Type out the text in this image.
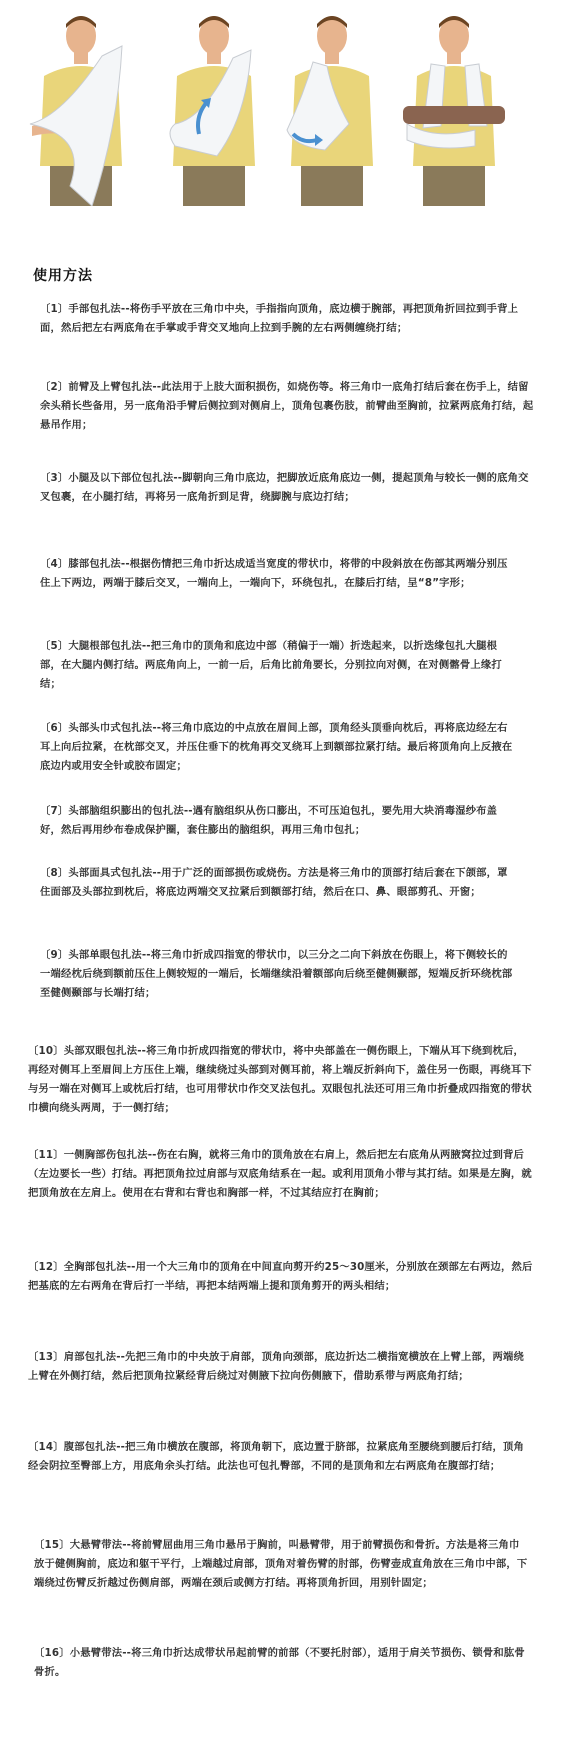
使用方法
〔1〕手部包扎法--将伤手平放在三角巾中央，手指指向顶角，底边横于腕部，再把顶角折回拉到手背上面，然后把左右两底角在手掌或手背交叉地向上拉到手腕的左右两侧缠绕打结；
〔2〕前臂及上臂包扎法--此法用于上肢大面积损伤，如烧伤等。将三角巾一底角打结后套在伤手上，结留余头稍长些备用，另一底角沿手臂后侧拉到对侧肩上，顶角包裹伤肢，前臂曲至胸前，拉紧两底角打结，起悬吊作用；
〔3〕小腿及以下部位包扎法--脚朝向三角巾底边，把脚放近底角底边一侧，提起顶角与较长一侧的底角交叉包裹，在小腿打结，再将另一底角折到足背，绕脚腕与底边打结；
〔4〕膝部包扎法--根据伤情把三角巾折达成适当宽度的带状巾，将带的中段斜放在伤部其两端分别压住上下两边，两端于膝后交叉，一端向上，一端向下，环绕包扎，在膝后打结，呈“8”字形；
〔5〕大腿根部包扎法--把三角巾的顶角和底边中部（稍偏于一端）折迭起来，以折迭缘包扎大腿根部，在大腿内侧打结。两底角向上，一前一后，后角比前角要长，分别拉向对侧，在对侧髂骨上缘打结；
〔6〕头部头巾式包扎法--将三角巾底边的中点放在眉间上部，顶角经头顶垂向枕后，再将底边经左右耳上向后拉紧，在枕部交叉，并压住垂下的枕角再交叉绕耳上到额部拉紧打结。最后将顶角向上反掖在底边内或用安全针或胶布固定；
〔7〕头部脑组织膨出的包扎法--遇有脑组织从伤口膨出，不可压迫包扎，要先用大块消毒湿纱布盖好，然后再用纱布卷成保护圈，套住膨出的脑组织，再用三角巾包扎；
〔8〕头部面具式包扎法--用于广泛的面部损伤或烧伤。方法是将三角巾的顶部打结后套在下颌部，罩住面部及头部拉到枕后，将底边两端交叉拉紧后到额部打结，然后在口、鼻、眼部剪孔、开窗；
〔9〕头部单眼包扎法--将三角巾折成四指宽的带状巾，以三分之二向下斜放在伤眼上，将下侧较长的一端经枕后绕到额前压住上侧较短的一端后，长端继续沿着额部向后绕至健侧颞部，短端反折环绕枕部至健侧颞部与长端打结；
〔10〕头部双眼包扎法--将三角巾折成四指宽的带状巾，将中央部盖在一侧伤眼上，下端从耳下绕到枕后，再经对侧耳上至眉间上方压住上端，继续绕过头部到对侧耳前，将上端反折斜向下，盖住另一伤眼，再绕耳下与另一端在对侧耳上或枕后打结，也可用带状巾作交叉法包扎。双眼包扎法还可用三角巾折叠成四指宽的带状巾横向绕头两周，于一侧打结；
〔11〕一侧胸部伤包扎法--伤在右胸，就将三角巾的顶角放在右肩上，然后把左右底角从两腋窝拉过到背后（左边要长一些）打结。再把顶角拉过肩部与双底角结系在一起。或利用顶角小带与其打结。如果是左胸，就把顶角放在左肩上。使用在右背和右背也和胸部一样，不过其结应打在胸前；
〔12〕全胸部包扎法--用一个大三角巾的顶角在中间直向剪开约25～30厘米，分别放在颈部左右两边，然后把基底的左右两角在背后打一半结，再把本结两端上提和顶角剪开的两头相结；
〔13〕肩部包扎法--先把三角巾的中央放于肩部，顶角向颈部，底边折达二横指宽横放在上臂上部，两端绕上臂在外侧打结，然后把顶角拉紧经背后绕过对侧腋下拉向伤侧腋下，借助系带与两底角打结；
〔14〕腹部包扎法--把三角巾横放在腹部，将顶角朝下，底边置于脐部，拉紧底角至腰绕到腰后打结，顶角经会阴拉至臀部上方，用底角余头打结。此法也可包扎臀部，不同的是顶角和左右两底角在腹部打结；
〔15〕大悬臂带法--将前臂屈曲用三角巾悬吊于胸前，叫悬臂带，用于前臂损伤和骨折。方法是将三角巾放于健侧胸前，底边和躯干平行，上端越过肩部，顶角对着伤臂的肘部，伤臂壶成直角放在三角巾中部，下端绕过伤臂反折越过伤侧肩部，两端在颈后或侧方打结。再将顶角折回，用别针固定；
〔16〕小悬臂带法--将三角巾折达成带状吊起前臂的前部（不要托肘部），适用于肩关节损伤、锁骨和肱骨骨折。
